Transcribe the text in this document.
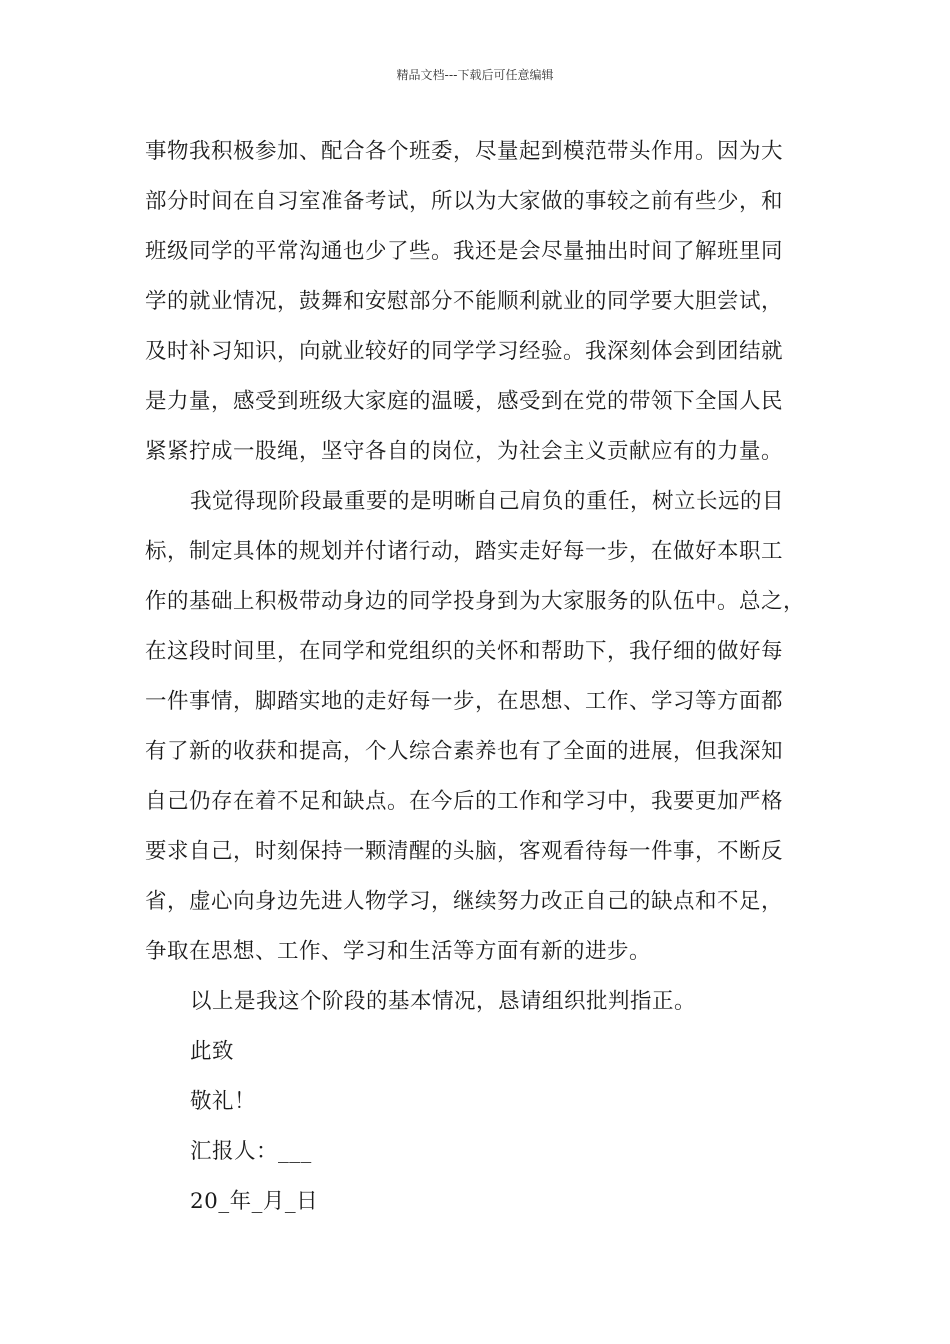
精品文档---下载后可任意编辑
事物我积极参加、配合各个班委，尽量起到模范带头作用。因为大
部分时间在自习室准备考试，所以为大家做的事较之前有些少，和
班级同学的平常沟通也少了些。我还是会尽量抽出时间了解班里同
学的就业情况，鼓舞和安慰部分不能顺利就业的同学要大胆尝试，
及时补习知识，向就业较好的同学学习经验。我深刻体会到团结就
是力量，感受到班级大家庭的温暖，感受到在党的带领下全国人民
紧紧拧成一股绳，坚守各自的岗位，为社会主义贡献应有的力量。
我觉得现阶段最重要的是明晰自己肩负的重任，树立长远的目
标，制定具体的规划并付诸行动，踏实走好每一步，在做好本职工
作的基础上积极带动身边的同学投身到为大家服务的队伍中。总之，
在这段时间里，在同学和党组织的关怀和帮助下，我仔细的做好每
一件事情，脚踏实地的走好每一步，在思想、工作、学习等方面都
有了新的收获和提高，个人综合素养也有了全面的进展，但我深知
自己仍存在着不足和缺点。在今后的工作和学习中，我要更加严格
要求自己，时刻保持一颗清醒的头脑，客观看待每一件事，不断反
省，虚心向身边先进人物学习，继续努力改正自己的缺点和不足，
争取在思想、工作、学习和生活等方面有新的进步。
以上是我这个阶段的基本情况，恳请组织批判指正。
此致
敬礼！
汇报人：___
20_年_月_日
